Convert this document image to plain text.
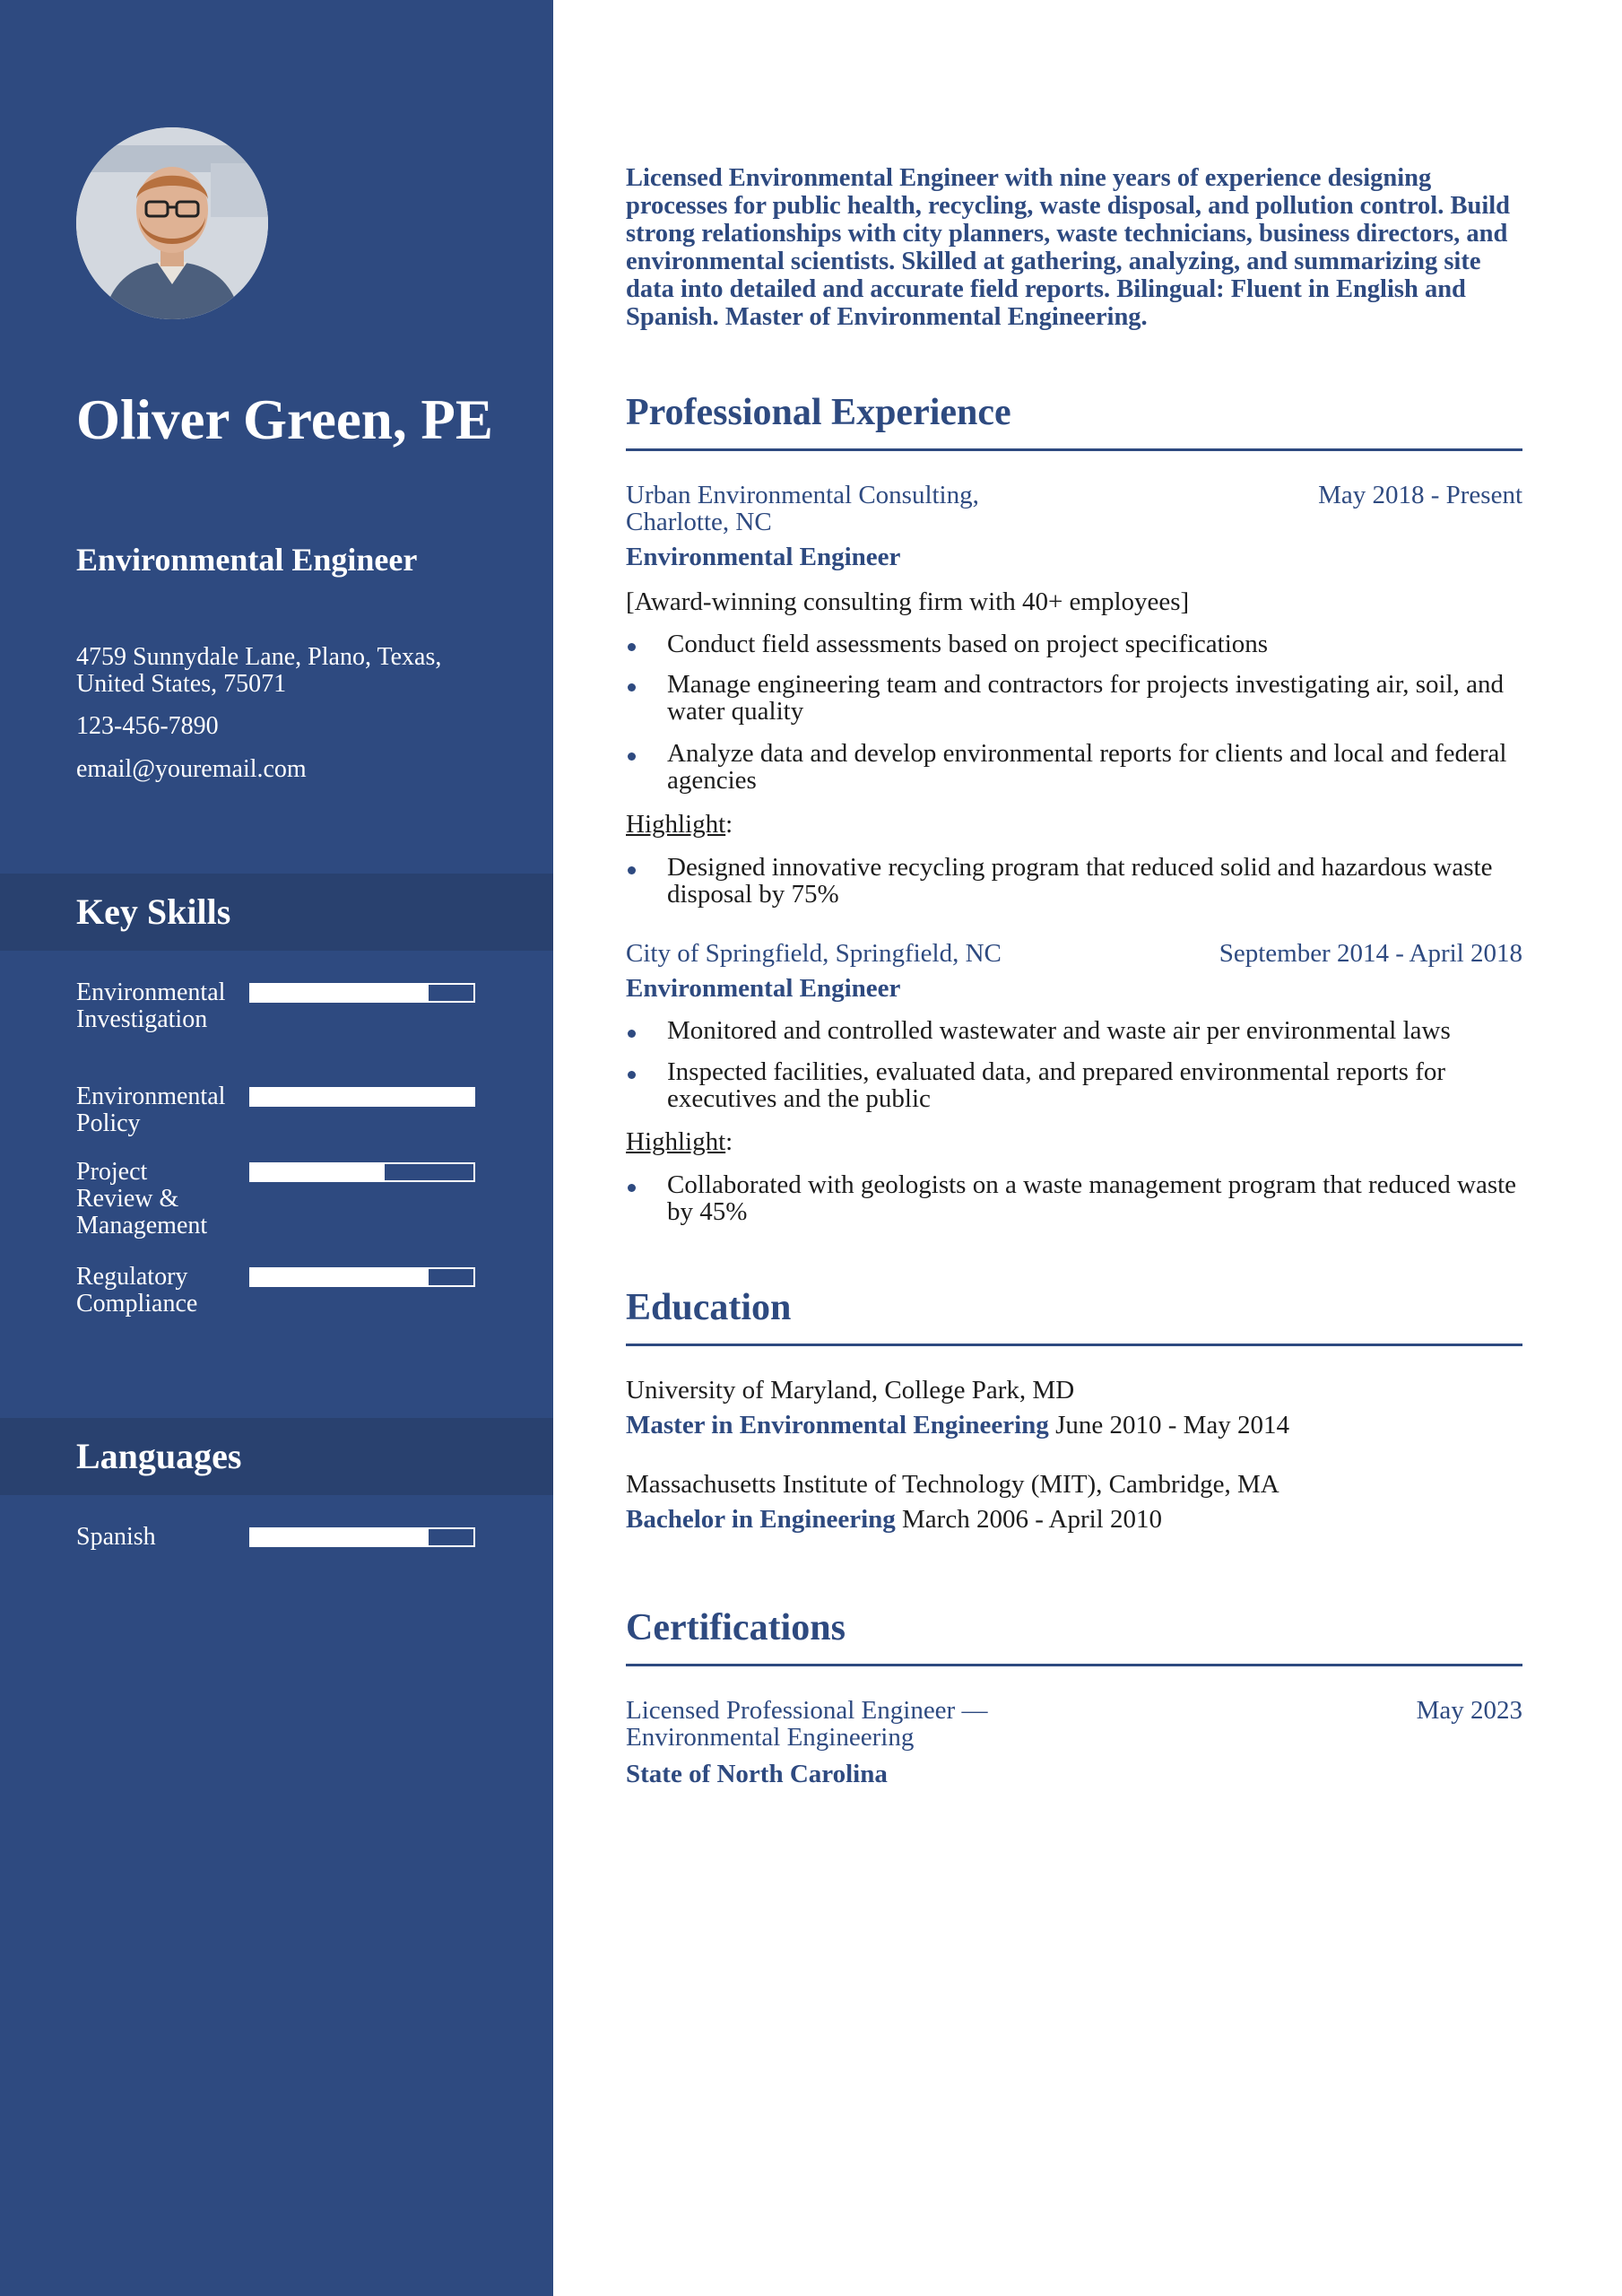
Oliver Green, PE
Environmental Engineer
4759 Sunnydale Lane, Plano, Texas, United States, 75071
123-456-7890
email@youremail.com
Key Skills
Environmental Investigation
Environmental Policy
Project Review & Management
Regulatory Compliance
Languages
Spanish

Licensed Environmental Engineer with nine years of experience designing processes for public health, recycling, waste disposal, and pollution control. Build strong relationships with city planners, waste technicians, business directors, and environmental scientists. Skilled at gathering, analyzing, and summarizing site data into detailed and accurate field reports. Bilingual: Fluent in English and Spanish. Master of Environmental Engineering.

Professional Experience
Urban Environmental Consulting, Charlotte, NC
May 2018 - Present
Environmental Engineer
[Award-winning consulting firm with 40+ employees]
Conduct field assessments based on project specifications
Manage engineering team and contractors for projects investigating air, soil, and water quality
Analyze data and develop environmental reports for clients and local and federal agencies
Highlight:
Designed innovative recycling program that reduced solid and hazardous waste disposal by 75%
City of Springfield, Springfield, NC	September 2014 - April 2018
Environmental Engineer
Monitored and controlled wastewater and waste air per environmental laws
Inspected facilities, evaluated data, and prepared environmental reports for executives and the public
Highlight:
Collaborated with geologists on a waste management program that reduced waste by 45%
Education
University of Maryland, College Park, MD
Master in Environmental Engineering June 2010 - May 2014
Massachusetts Institute of Technology (MIT), Cambridge, MA
Bachelor in Engineering March 2006 - April 2010
Certifications
Licensed Professional Engineer — Environmental Engineering
May 2023
State of North Carolina
